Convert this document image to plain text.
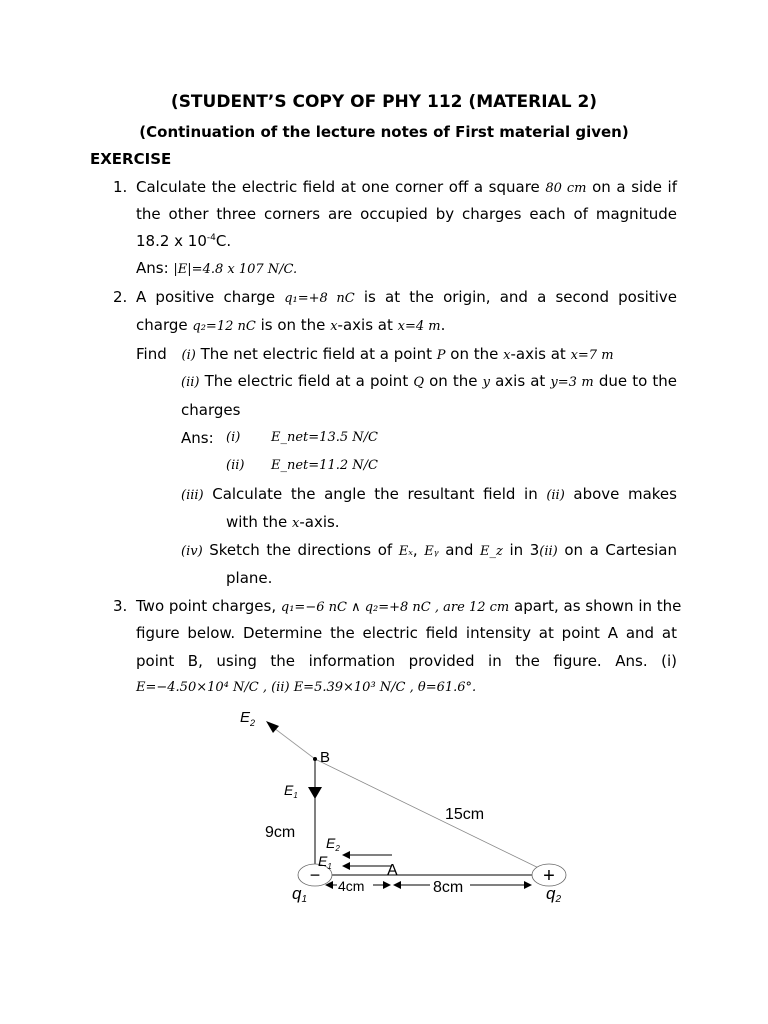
(STUDENT’S COPY OF PHY 112 (MATERIAL 2)
(Continuation of the lecture notes of First material given)
EXERCISE
1. Calculate the electric field at one corner off a square 80 cm on a side if
the other three corners are occupied by charges each of magnitude
18.2 x $10^{-4}C$.
Ans: |E|=4.8 x 107 N/C.
2. A positive charge q₁=+8 nC is at the origin, and a second positive
charge q₂=12 nC is on the x-axis at x=4 m.
Find (i) The net electric field at a point P on the x-axis at x=7 m
(ii) The electric field at a point Q on the y axis at y=3 m due to the
charges
Ans: (i) E_net=13.5 N/C
(ii) E_net=11.2 N/C
(iii) Calculate the angle the resultant field in (ii) above makes
with the x-axis.
(iv) Sketch the directions of Eₓ, Eᵧ and E_z in 3(ii) on a Cartesian
plane.
3. Two point charges, q₁=−6 nC ∧ q₂=+8 nC , are 12 cm apart, as shown in the
figure below. Determine the electric field intensity at point A and at
point B, using the information provided in the figure. Ans. (i)
E=−4.50×10⁴ N/C , (ii) E=5.39×10³ N/C , θ=61.6°.
−	+
$E_2$
B
$E_1$
9cm
15cm
$E_2$
$E_1$	A
4cm	8cm
q1	q2
